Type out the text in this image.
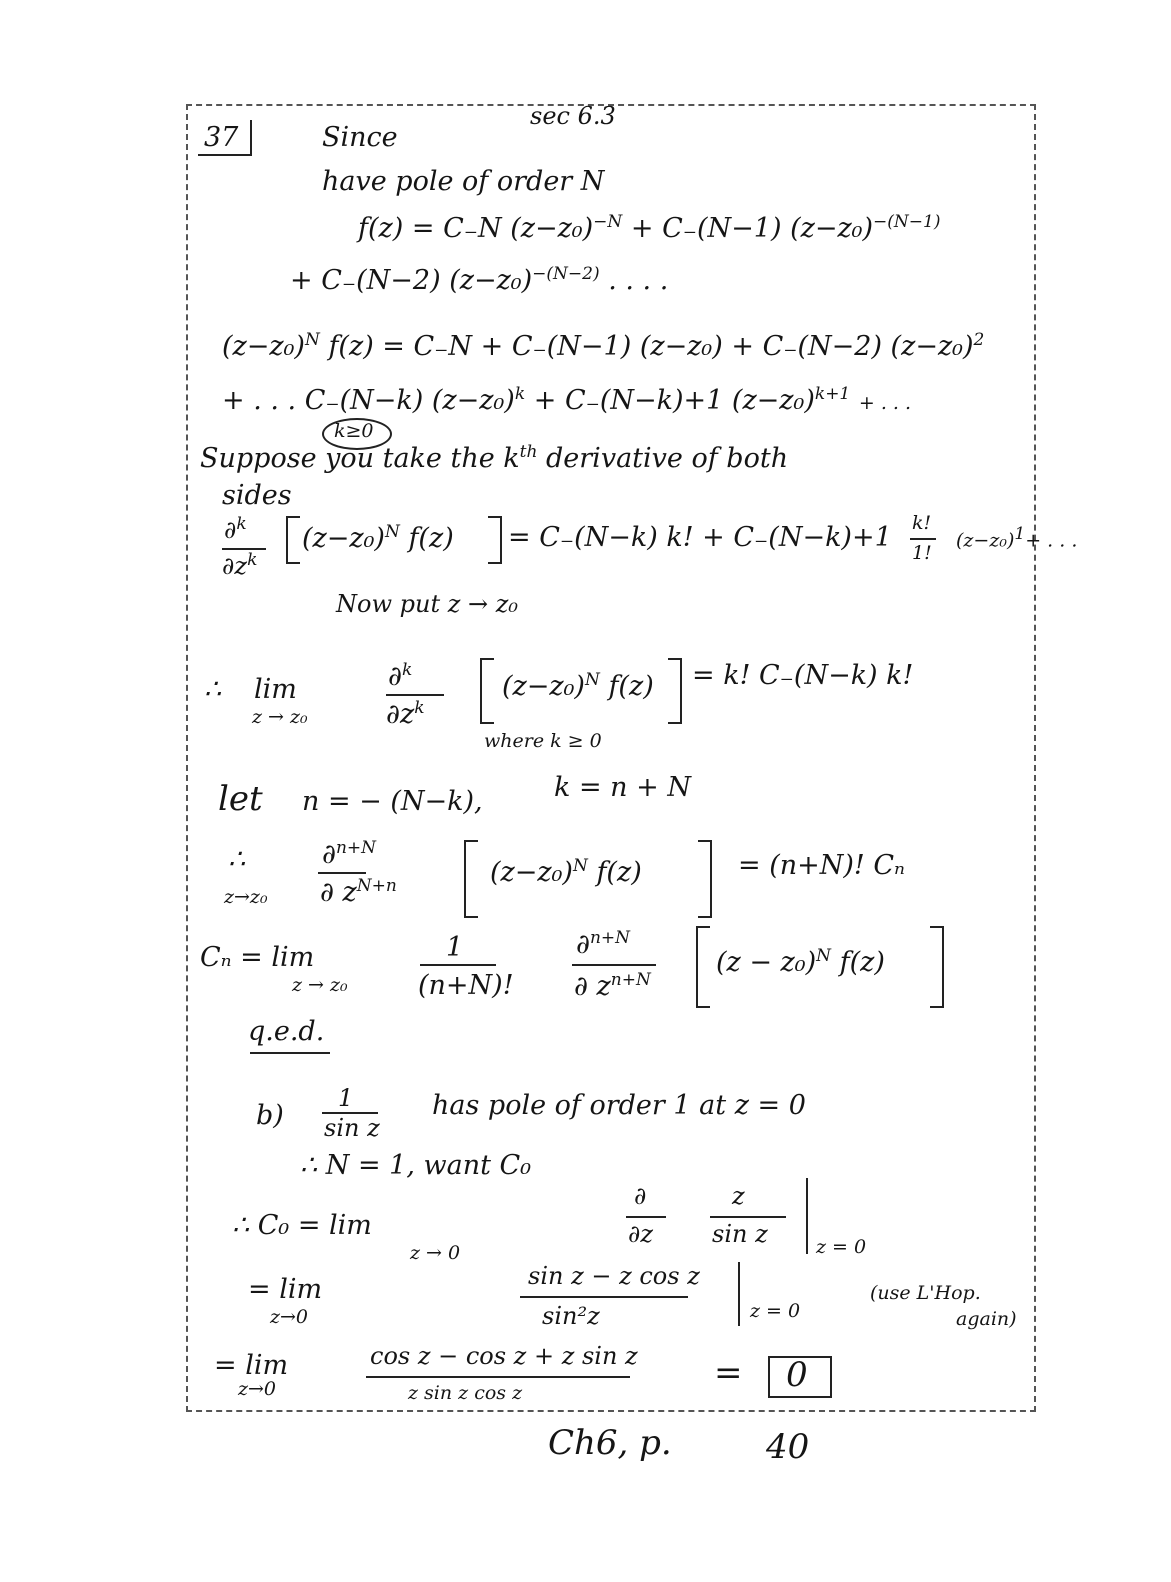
37
sec 6.3
Since
have pole of order N
f(z) = C₋N $(z-z_0)^{-N} + C_-(N-1)$ $(z-z_0)^{-(N-1)}$
+ C₋(N−2) $(z-z_0)^{-(N-2)}$ . . . .
$(z-z_0)^N$ f(z) = C₋N + C₋(N−1) (z−z₀) + C₋(N−2) $(z-z_0)^2$
+ . . . C₋(N−k) $(z-z_0)^k + C_-(N-k)+1$ $(z-z_0)^{k+1}$ + . . .
k≥0
Suppose you take the $k^{th}$ derivative of both
sides
∂$^k$
$\partial z^k$
$(z-z_0)^N$ f(z) = C₋(N−k) k! + C₋(N−k)+1 k!
1!
$(z-z_0)^1+$ . . .
Now put z → z₀
∴ lim
z → z₀
∂$^k$
$\partial z^k$
$(z-z_0)^N$ f(z) = k! C₋(N−k) k!
where k ≥ 0
let n = − (N−k),	k = n + N
∴
z→z₀
∂$^{n+N}$
∂ $z^{N+n}$	$(z-z_0)^N$ f(z)	= (n+N)! Cₙ
Cₙ = lim
z → z₀
1
(n+N)!
∂$^{n+N}$
∂ $z^{n+N}$
$(z - z_0)^N$ f(z)
q.e.d.
b)
1
sin z
has pole of order 1 at z = 0
∴ N = 1, want C₀
∴ C₀ = lim
z → 0
∂
∂z
z
sin z	z = 0
= lim
z→0
sin z − z cos z
sin²z	z = 0
(use L'Hop.
again)
= lim
z→0
cos z − cos z + z sin z
z sin z cos z	= 0
Ch6, p.	40
